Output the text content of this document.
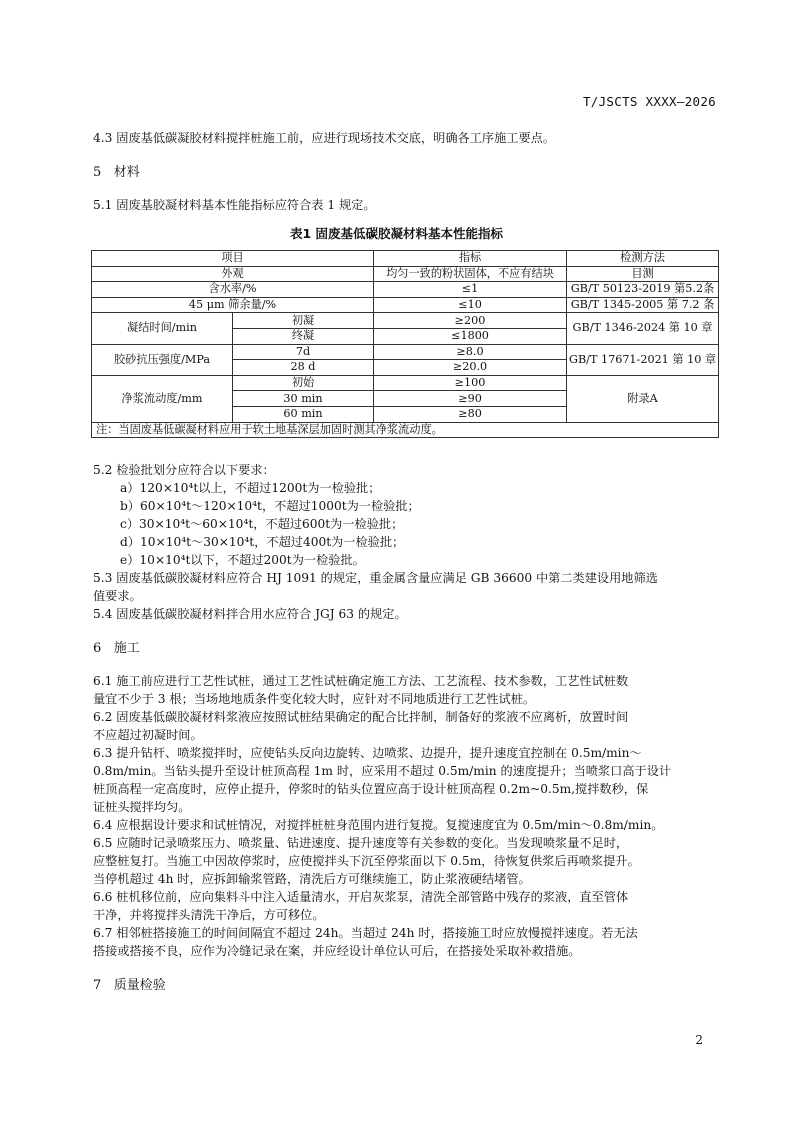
T/JSCTS XXXX—2026
4.3 固废基低碳凝胶材料搅拌桩施工前，应进行现场技术交底，明确各工序施工要点。
5 材料
5.1 固废基胶凝材料基本性能指标应符合表 1 规定。
表1 固废基低碳胶凝材料基本性能指标
项目		指标	检测方法
外观		均匀一致的粉状固体，不应有结块	目测
含水率/%		≤1	GB/T 50123-2019 第5.2条
45 μm 筛余量/%		≤10	GB/T 1345-2005 第 7.2 条
凝结时间/min	初凝	≥200	GB/T 1346-2024 第 10 章
	终凝	≤1800	
胶砂抗压强度/MPa	7d	≥8.0	GB/T 17671-2021 第 10 章
	28 d	≥20.0	
净浆流动度/mm	初始	≥100	附录A
	30 min	≥90	
	60 min	≥80	
注：当固废基低碳凝材料应用于软土地基深层加固时测其净浆流动度。			
5.2 检验批划分应符合以下要求：
a）120×10⁴t以上，不超过1200t为一检验批；
b）60×10⁴t～120×10⁴t，不超过1000t为一检验批；
c）30×10⁴t～60×10⁴t，不超过600t为一检验批；
d）10×10⁴t～30×10⁴t，不超过400t为一检验批；
e）10×10⁴t以下，不超过200t为一检验批。
5.3 固废基低碳胶凝材料应符合 HJ 1091 的规定，重金属含量应满足 GB 36600 中第二类建设用地筛选
值要求。
5.4 固废基低碳胶凝材料拌合用水应符合 JGJ 63 的规定。
6 施工
6.1 施工前应进行工艺性试桩，通过工艺性试桩确定施工方法、工艺流程、技术参数，工艺性试桩数
量宜不少于 3 根；当场地地质条件变化较大时，应针对不同地质进行工艺性试桩。
6.2 固废基低碳胶凝材料浆液应按照试桩结果确定的配合比拌制，制备好的浆液不应离析，放置时间
不应超过初凝时间。
6.3 提升钻杆、喷浆搅拌时，应使钻头反向边旋转、边喷浆、边提升，提升速度宜控制在 0.5m/min～
0.8m/min。当钻头提升至设计桩顶高程 1m 时，应采用不超过 0.5m/min 的速度提升；当喷浆口高于设计
桩顶高程一定高度时，应停止提升，停浆时的钻头位置应高于设计桩顶高程 0.2m~0.5m,搅拌数秒，保
证桩头搅拌均匀。
6.4 应根据设计要求和试桩情况，对搅拌桩桩身范围内进行复搅。复搅速度宜为 0.5m/min～0.8m/min。
6.5 应随时记录喷浆压力、喷浆量、钻进速度、提升速度等有关参数的变化。当发现喷浆量不足时，
应整桩复打。当施工中因故停浆时，应使搅拌头下沉至停浆面以下 0.5m，待恢复供浆后再喷浆提升。
当停机超过 4h 时，应拆卸输浆管路，清洗后方可继续施工，防止浆液硬结堵管。
6.6 桩机移位前，应向集料斗中注入适量清水，开启灰浆泵，清洗全部管路中残存的浆液，直至管体
干净，并将搅拌头清洗干净后，方可移位。
6.7 相邻桩搭接施工的时间间隔宜不超过 24h。当超过 24h 时，搭接施工时应放慢搅拌速度。若无法
搭接或搭接不良，应作为冷缝记录在案，并应经设计单位认可后，在搭接处采取补救措施。
7 质量检验
2
